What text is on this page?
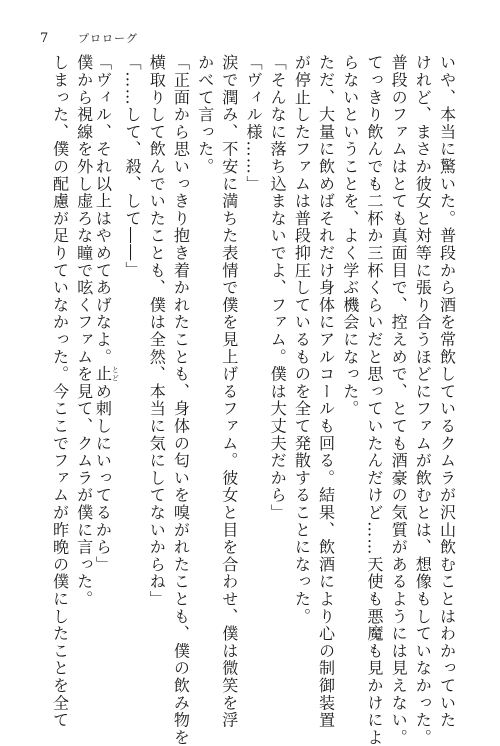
7	プロローグ
いや、本当に驚いた。普段から酒を常飲しているクムラが沢山飲むことはわかっていた
けれど、まさか彼女と対等に張り合うほどにファムが飲むとは、想像もしていなかった。
普段のファムはとても真面目で、控えめで、とても酒豪の気質があるようには見えない。
てっきり飲んでも二杯か三杯くらいだと思っていたんだけど……天使も悪魔も見かけによ
らないということを、よく学ぶ機会になった。
ただ、大量に飲めばそれだけ身体にアルコールも回る。結果、飲酒により心の制御装置
が停止したファムは普段抑圧しているものを全て発散することになった。
「そんなに落ち込まないでよ、ファム。僕は大丈夫だから」
「ヴィル様……」
涙で潤み、不安に満ちた表情で僕を見上げるファム。彼女と目を合わせ、僕は微笑を浮
かべて言った。
「正面から思いっきり抱き着かれたことも、身体の匂いを嗅がれたことも、僕の飲み物を
横取りして飲んでいたことも、僕は全然、本当に気にしてないからね」
「……して、殺、して――」
「ヴィル、それ以上はやめてあげなよ。止 とどめ刺しにいってるから」
僕から視線を外し虚ろな瞳で呟くファムを見て、クムラが僕に言った。
しまった、僕の配慮が足りていなかった。今ここでファムが昨晩の僕にしたことを全て
